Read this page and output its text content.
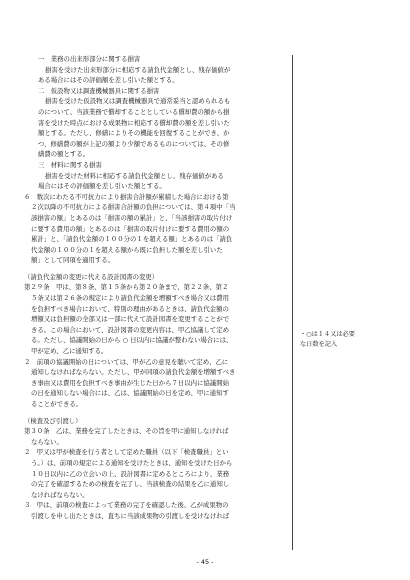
一　業務の出来形部分に関する損害
損害を受けた出来形部分に相応する請負代金額とし、残存価値が
ある場合にはその評価額を差し引いた額とする。
二　仮設物又は調査機械器具に関する損害
損害を受けた仮設物又は調査機械器具で通常妥当と認められるも
のについて、当該業務で償却することとしている償却費の額から損
害を受けた時点における成果物に相応する償却費の額を差し引いた
額とする。ただし、修繕によりその機能を回復することができ、か
つ、修繕費の額が上記の額より少額であるものについては、その修
繕費の額とする。
三　材料に関する損害
損害を受けた材料に相応する請負代金額とし、残存価値がある
場合にはその評価額を差し引いた額とする。
６　数次にわたる不可抗力により損害合計額が累積した場合における第
２次以降の不可抗力による損害合計額の負担については、第４項中「当
該損害の額」とあるのは「損害の額の累計」と、「当該損害の取片付け
に要する費用の額」とあるのは「損害の取片付けに要する費用の額の
累計」と、「請負代金額の１００分の１を超える額」とあるのは「請負
代金額の１００分の１を超える額から既に負担した額を差し引いた
額」として同項を適用する。
（請負代金額の変更に代える設計図書の変更）
第２９条　甲は、第８条、第１５条から第２０条まで、第２２条、第２
５条又は第２６条の規定により請負代金額を増額すべき場合又は費用
を負担すべき場合において、特別の理由があるときは、請負代金額の
増額又は負担額の全部又は一部に代えて設計図書を変更することがで
きる。この場合において、設計図書の変更内容は、甲乙協議して定め
る。ただし、協議開始の日から ○ 日以内に協議が整わない場合には、
甲が定め、乙に通知する。
２　前項の協議開始の日については、甲が乙の意見を聴いて定め、乙に
通知しなければならない。ただし、甲が同項の請負代金額を増額すべき
き事由又は費用を負担すべき事由が生じた日から７日以内に協議開始
の日を通知しない場合には、乙は、協議開始の日を定め、甲に通知す
ることができる。
（検査及び引渡し）
第３０条　乙は、業務を完了したときは、その旨を甲に通知しなければ
ならない。
２　甲又は甲が検査を行う者として定めた職員（以下「検査職員」とい
う。）は、前項の規定による通知を受けたときは、通知を受けた日から
１０日以内に乙の立会いの上、設計図書に定めるところにより、業務
の完了を確認するための検査を完了し、当該検査の結果を乙に通知し
なければならない。
３　甲は、前項の検査によって業務の完了を確認した後、乙が成果物の
引渡しを申し出たときは、直ちに当該成果物の引渡しを受けなければ
・○は１４又は必要
な日数を記入
- 45 -
